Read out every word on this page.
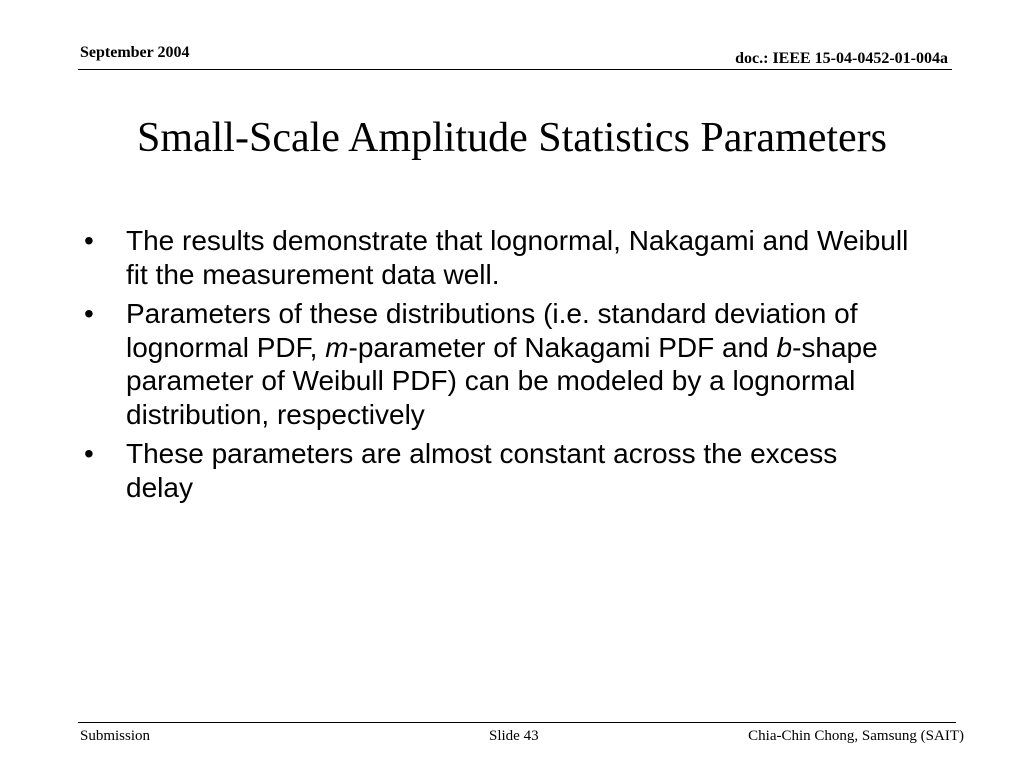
September 2004	doc.: IEEE 15-04-0452-01-004a
Small-Scale Amplitude Statistics Parameters
• The results demonstrate that lognormal, Nakagami and Weibull fit the measurement data well.
• Parameters of these distributions (i.e. standard deviation of lognormal PDF, m-parameter of Nakagami PDF and b-shape parameter of Weibull PDF) can be modeled by a lognormal distribution, respectively
• These parameters are almost constant across the excess delay
Submission	Slide 43	Chia-Chin Chong, Samsung (SAIT)
